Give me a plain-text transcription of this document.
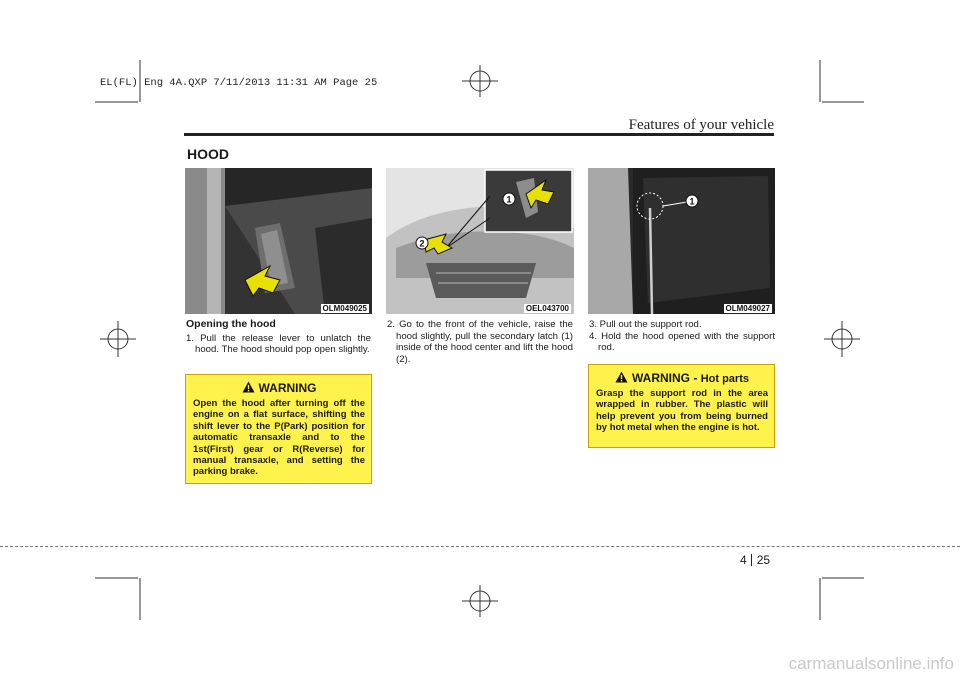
EL(FL) Eng 4A.QXP 7/11/2013 11:31 AM Page 25
Features of your vehicle
HOOD
OLM049025
1
2
OEL043700
1
OLM049027
Opening the hood
1. Pull the release lever to unlatch the hood. The hood should pop open slightly.
2. Go to the front of the vehicle, raise the hood slightly, pull the secondary latch (1) inside of the hood center and lift the hood (2).
3. Pull out the support rod.
4. Hold the hood opened with the support rod.
WARNING
Open the hood after turning off the engine on a flat surface, shifting the shift lever to the P(Park) position for automatic transaxle and to the 1st(First) gear or R(Reverse) for manual transaxle, and setting the parking brake.
WARNING - Hot parts
Grasp the support rod in the area wrapped in rubber. The plastic will help prevent you from being burned by hot metal when the engine is hot.
4 25
carmanualsonline.info
